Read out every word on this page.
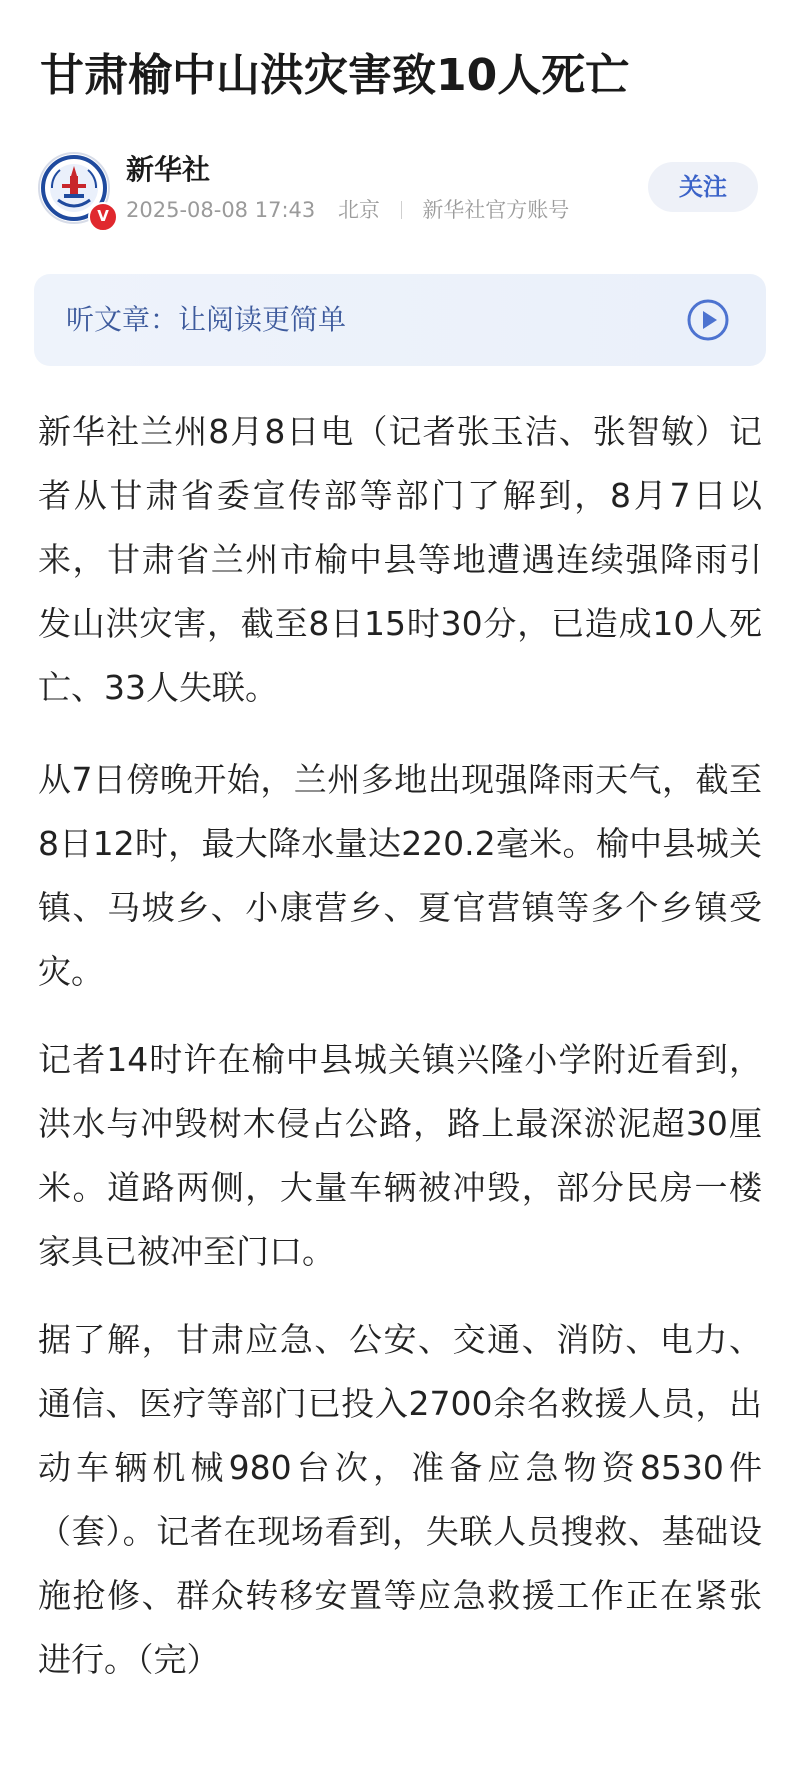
甘肃榆中山洪灾害致10人死亡
V
新华社
2025-08-08 17:43 北京 新华社官方账号
关注
听文章：让阅读更简单

新华社兰州8月8日电（记者张玉洁、张智敏）记者从甘肃省委宣传部等部门了解到，8月7日以来，甘肃省兰州市榆中县等地遭遇连续强降雨引发山洪灾害，截至8日15时30分，已造成10人死亡、33人失联。

从7日傍晚开始，兰州多地出现强降雨天气，截至8日12时，最大降水量达220.2毫米。榆中县城关镇、马坡乡、小康营乡、夏官营镇等多个乡镇受灾。

记者14时许在榆中县城关镇兴隆小学附近看到，洪水与冲毁树木侵占公路，路上最深淤泥超30厘米。道路两侧，大量车辆被冲毁，部分民房一楼家具已被冲至门口。

据了解，甘肃应急、公安、交通、消防、电力、通信、医疗等部门已投入2700余名救援人员，出动车辆机械980台次，准备应急物资8530件（套）。记者在现场看到，失联人员搜救、基础设施抢修、群众转移安置等应急救援工作正在紧张进行。（完）
